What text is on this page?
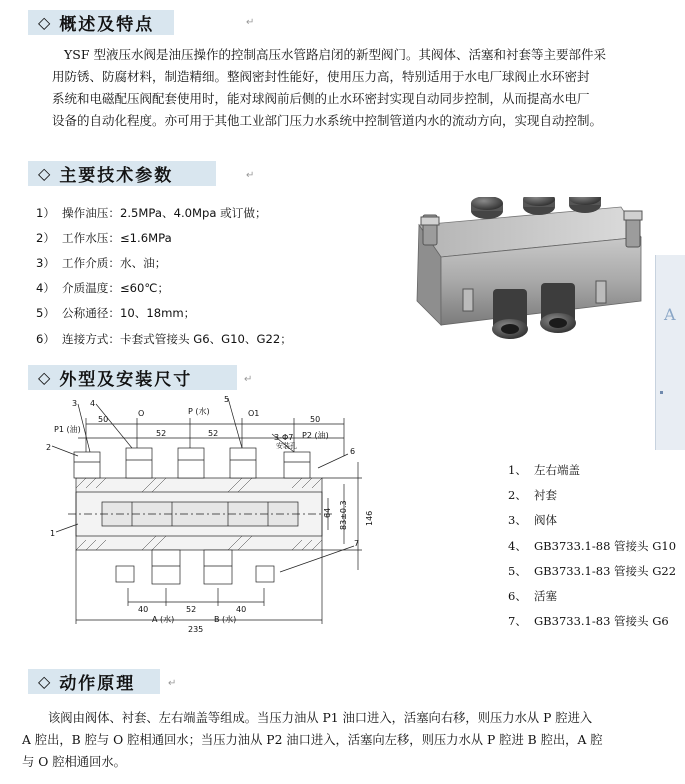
◇ 概述及特点	↵

YSF 型液压水阀是油压操作的控制高压水管路启闭的新型阀门。其阀体、活塞和衬套等主要部件采

用防锈、防腐材料，制造精细。整阀密封性能好，使用压力高，特别适用于水电厂球阀止水环密封

系统和电磁配压阀配套使用时，能对球阀前后侧的止水环密封实现自动同步控制，从而提高水电厂

设备的自动化程度。亦可用于其他工业部门压力水系统中控制管道内水的流动方向，实现自动控制。

◇ 主要技术参数	↵
1） 操作油压：2.5MPa、4.0Mpa 或订做；
2） 工作水压：≤1.6MPa
3） 工作介质：水、油；
4） 介质温度：≤60℃；
5） 公称通径：10、18mm；
6） 连接方式：卡套式管接头 G6、G10、G22；
A
◇ 外型及安装尺寸	↵
50
52	52
50
40	52	40
235
P1 (油)
O	P (水)	O1
P2 (油)
3-Φ7
安装孔
A (水)	B (水)
2
3 4	5
1
6
7
64 83±0.3 146
1、 左右端盖
2、 衬套
3、 阀体
4、 GB3733.1-88 管接头 G10
5、 GB3733.1-83 管接头 G22
6、 活塞
7、 GB3733.1-83 管接头 G6
◇ 动作原理	↵

该阀由阀体、衬套、左右端盖等组成。当压力油从 P1 油口进入，活塞向右移，则压力水从 P 腔进入

A 腔出，B 腔与 O 腔相通回水；当压力油从 P2 油口进入，活塞向左移，则压力水从 P 腔进 B 腔出，A 腔

与 O 腔相通回水。
